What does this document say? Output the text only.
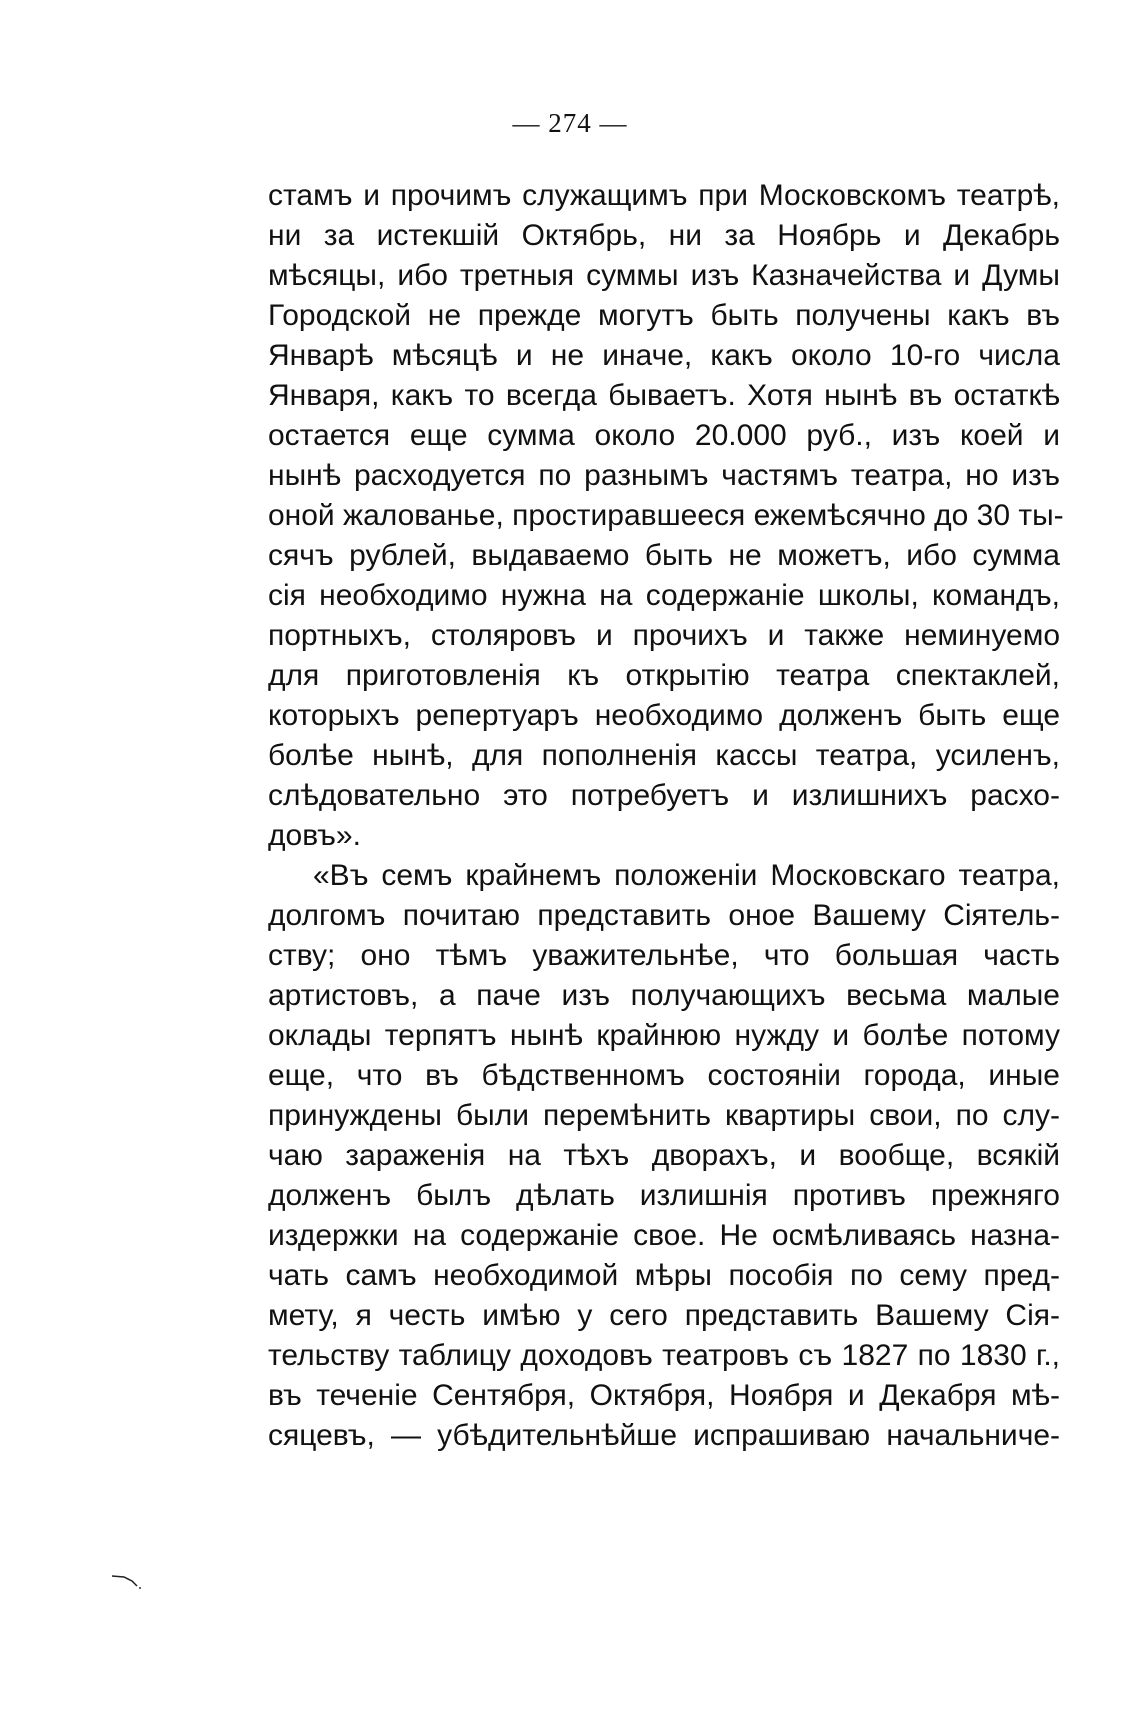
— 274 —
стамъ и прочимъ служащимъ при Московскомъ театрѣ,
ни за истекшій Октябрь, ни за Ноябрь и Декабрь
мѣсяцы, ибо третныя суммы изъ Казначейства и Думы
Городской не прежде могутъ быть получены какъ въ
Январѣ мѣсяцѣ и не иначе, какъ около 10-го числа
Января, какъ то всегда бываетъ. Хотя нынѣ въ остаткѣ
остается еще сумма около 20.000 руб., изъ коей и
нынѣ расходуется по разнымъ частямъ театра, но изъ
оной жалованье, простиравшееся ежемѣсячно до 30 ты-
сячъ рублей, выдаваемо быть не можетъ, ибо сумма
сія необходимо нужна на содержаніе школы, командъ,
портныхъ, столяровъ и прочихъ и также неминуемо
для приготовленія къ открытію театра спектаклей,
которыхъ репертуаръ необходимо долженъ быть еще
болѣе нынѣ, для пополненія кассы театра, усиленъ,
слѣдовательно это потребуетъ и излишнихъ расхо-
довъ».
«Въ семъ крайнемъ положеніи Московскаго театра,
долгомъ почитаю представить оное Вашему Сіятель-
ству; оно тѣмъ уважительнѣе, что большая часть
артистовъ, а паче изъ получающихъ весьма малые
оклады терпятъ нынѣ крайнюю нужду и болѣе потому
еще, что въ бѣдственномъ состояніи города, иные
принуждены были перемѣнить квартиры свои, по слу-
чаю зараженія на тѣхъ дворахъ, и вообще, всякій
долженъ былъ дѣлать излишнія противъ прежняго
издержки на содержаніе свое. Не осмѣливаясь назна-
чать самъ необходимой мѣры пособія по сему пред-
мету, я честь имѣю у сего представить Вашему Сія-
тельству таблицу доходовъ театровъ съ 1827 по 1830 г.,
въ теченіе Сентября, Октября, Ноября и Декабря мѣ-
сяцевъ, — убѣдительнѣйше испрашиваю начальниче-
